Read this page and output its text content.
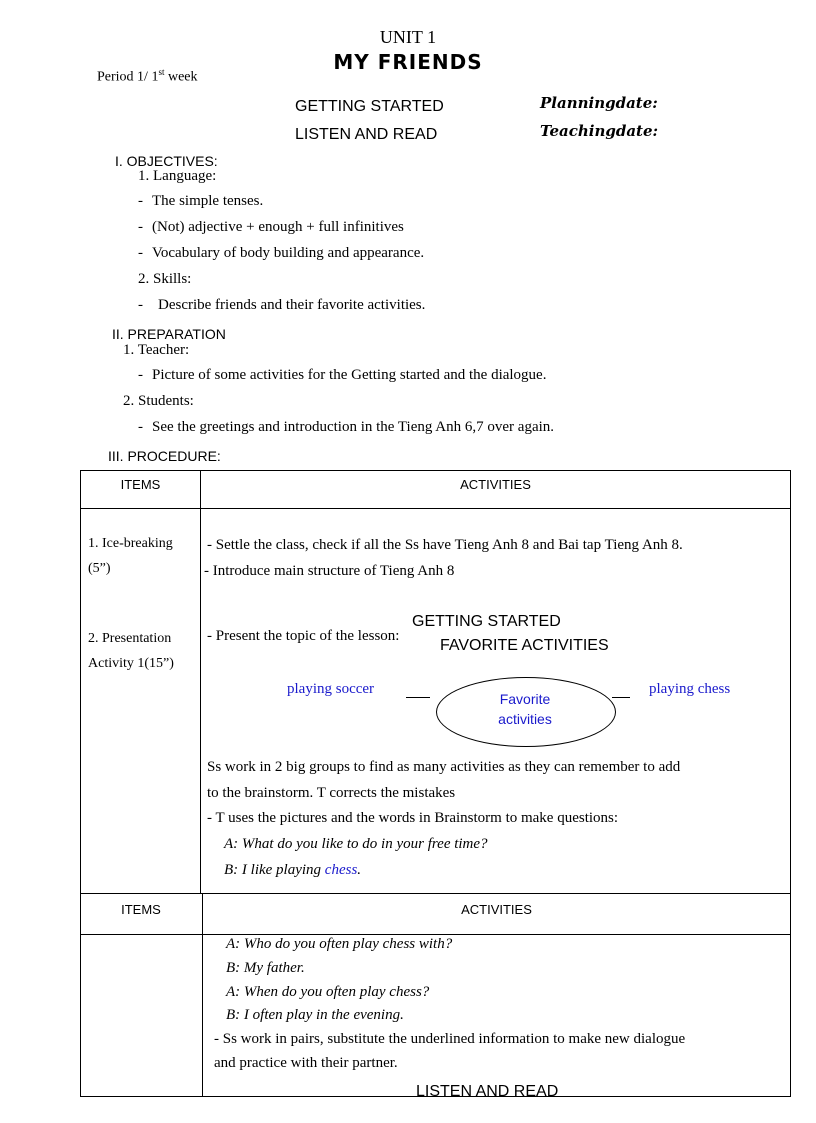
UNIT 1
MY FRIENDS
Period 1/ 1st week
GETTING STARTED
LISTEN AND READ
Planningdate:
Teachingdate:
I. OBJECTIVES:
1. Language:
- The simple tenses.
- (Not) adjective + enough + full infinitives
- Vocabulary of body building and appearance.
2. Skills:
- Describe friends and their favorite activities.
II. PREPARATION
1. Teacher:
- Picture of some activities for the Getting started and the dialogue.
2. Students:
- See the greetings and introduction in the Tieng Anh 6,7 over again.
III. PROCEDURE:
ITEMS	ACTIVITIES
1. Ice-breaking
(5”)
- Settle the class, check if all the Ss have Tieng Anh 8 and Bai tap Tieng Anh 8.
- Introduce main structure of Tieng Anh 8
2. Presentation
Activity 1(15”)
- Present the topic of the lesson:
GETTING STARTED
FAVORITE ACTIVITIES
playing soccer
Favorite
activities
playing chess
Ss work in 2 big groups to find as many activities as they can remember to add
to the brainstorm. T corrects the mistakes
- T uses the pictures and the words in Brainstorm to make questions:
A: What do you like to do in your free time?
B: I like playing chess.
ITEMS	ACTIVITIES
A: Who do you often play chess with?
B: My father.
A: When do you often play chess?
B: I often play in the evening.
- Ss work in pairs, substitute the underlined information to make new dialogue
and practice with their partner.
LISTEN AND READ
